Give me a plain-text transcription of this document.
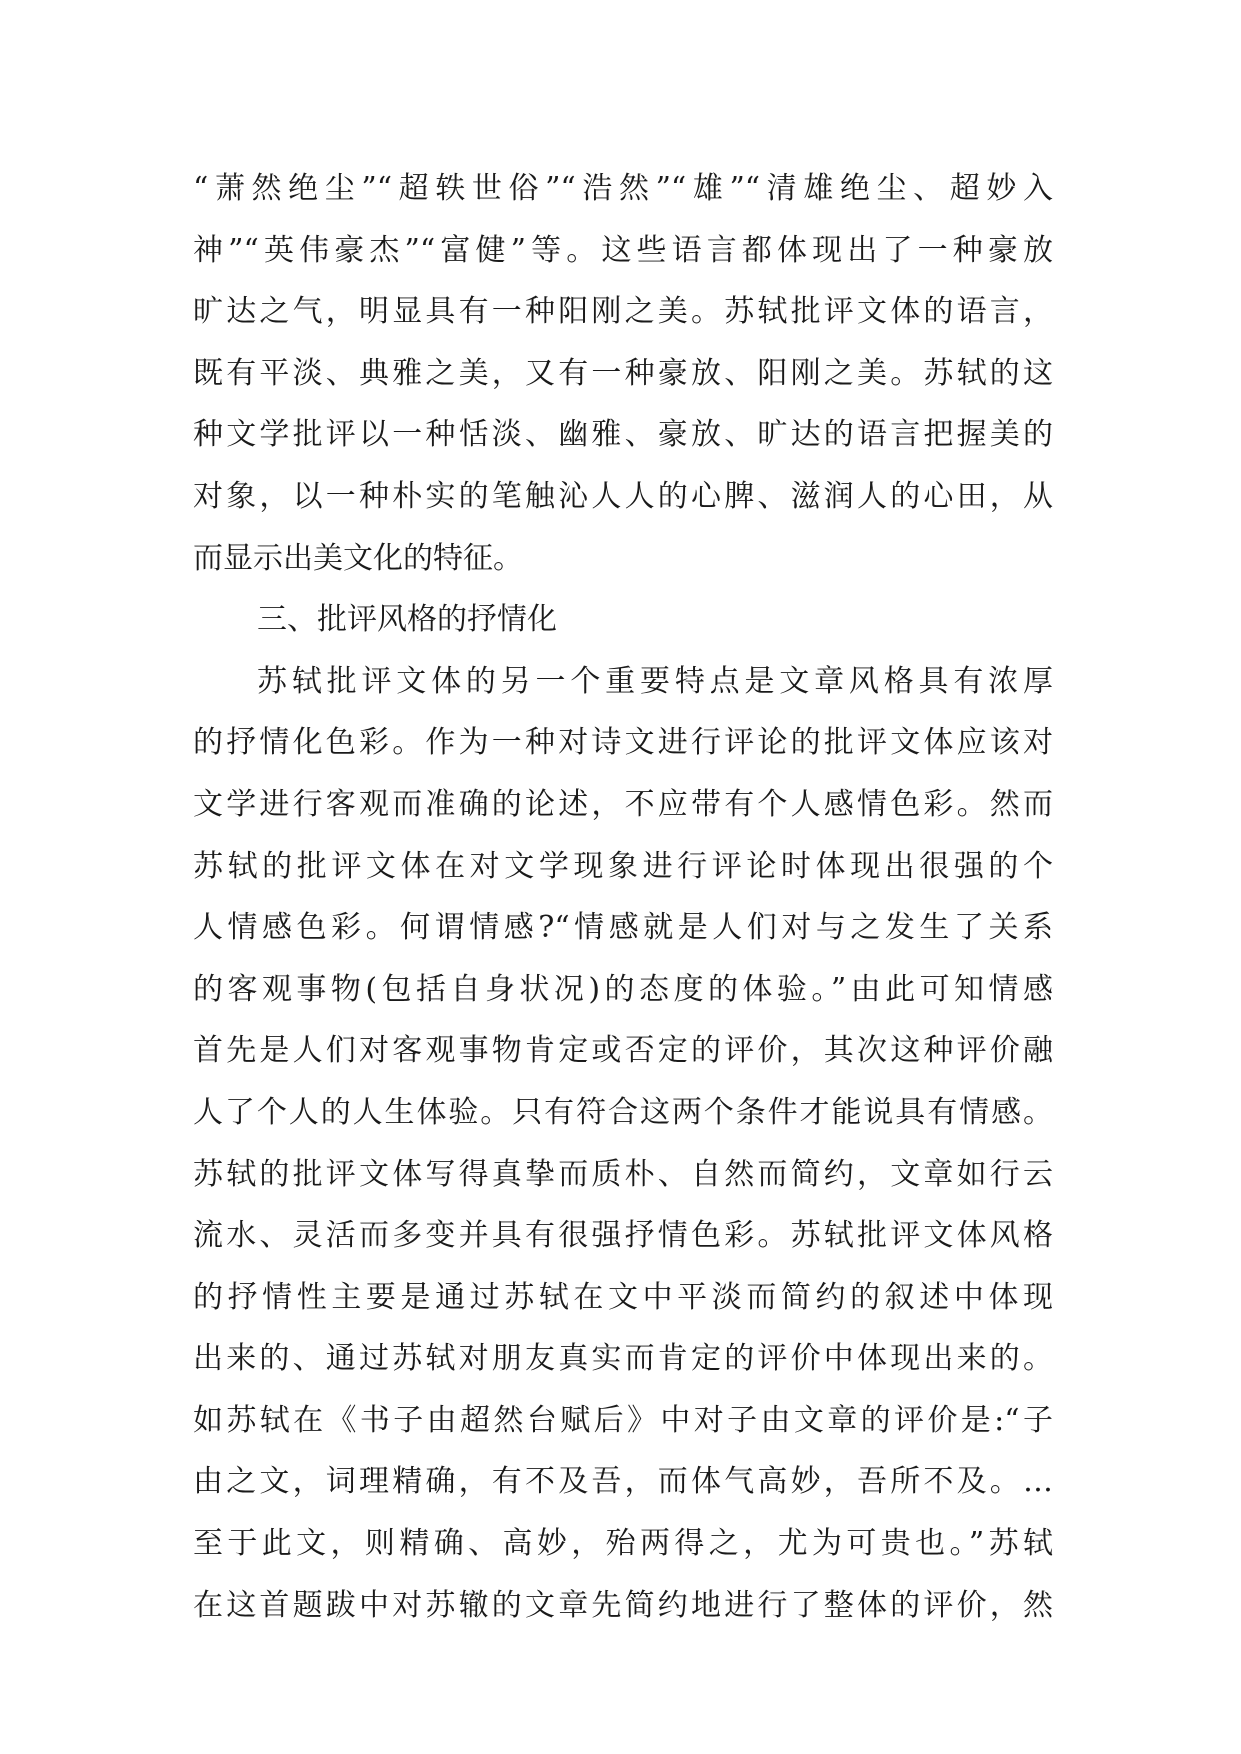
“萧然绝尘”“超轶世俗”“浩然”“雄”“清雄绝尘、超妙入
神”“英伟豪杰”“富健”等。这些语言都体现出了一种豪放
旷达之气，明显具有一种阳刚之美。苏轼批评文体的语言，
既有平淡、典雅之美，又有一种豪放、阳刚之美。苏轼的这
种文学批评以一种恬淡、幽雅、豪放、旷达的语言把握美的
对象，以一种朴实的笔触沁人人的心脾、滋润人的心田，从
而显示出美文化的特征。
三、批评风格的抒情化
苏轼批评文体的另一个重要特点是文章风格具有浓厚
的抒情化色彩。作为一种对诗文进行评论的批评文体应该对
文学进行客观而准确的论述，不应带有个人感情色彩。然而
苏轼的批评文体在对文学现象进行评论时体现出很强的个
人情感色彩。何谓情感?“情感就是人们对与之发生了关系
的客观事物(包括自身状况)的态度的体验。”由此可知情感
首先是人们对客观事物肯定或否定的评价，其次这种评价融
人了个人的人生体验。只有符合这两个条件才能说具有情感。
苏轼的批评文体写得真挚而质朴、自然而简约，文章如行云
流水、灵活而多变并具有很强抒情色彩。苏轼批评文体风格
的抒情性主要是通过苏轼在文中平淡而简约的叙述中体现
出来的、通过苏轼对朋友真实而肯定的评价中体现出来的。
如苏轼在《书子由超然台赋后》中对子由文章的评价是:“子
由之文，词理精确，有不及吾，而体气高妙，吾所不及。…
至于此文，则精确、高妙，殆两得之，尤为可贵也。”苏轼
在这首题跋中对苏辙的文章先简约地进行了整体的评价，然
